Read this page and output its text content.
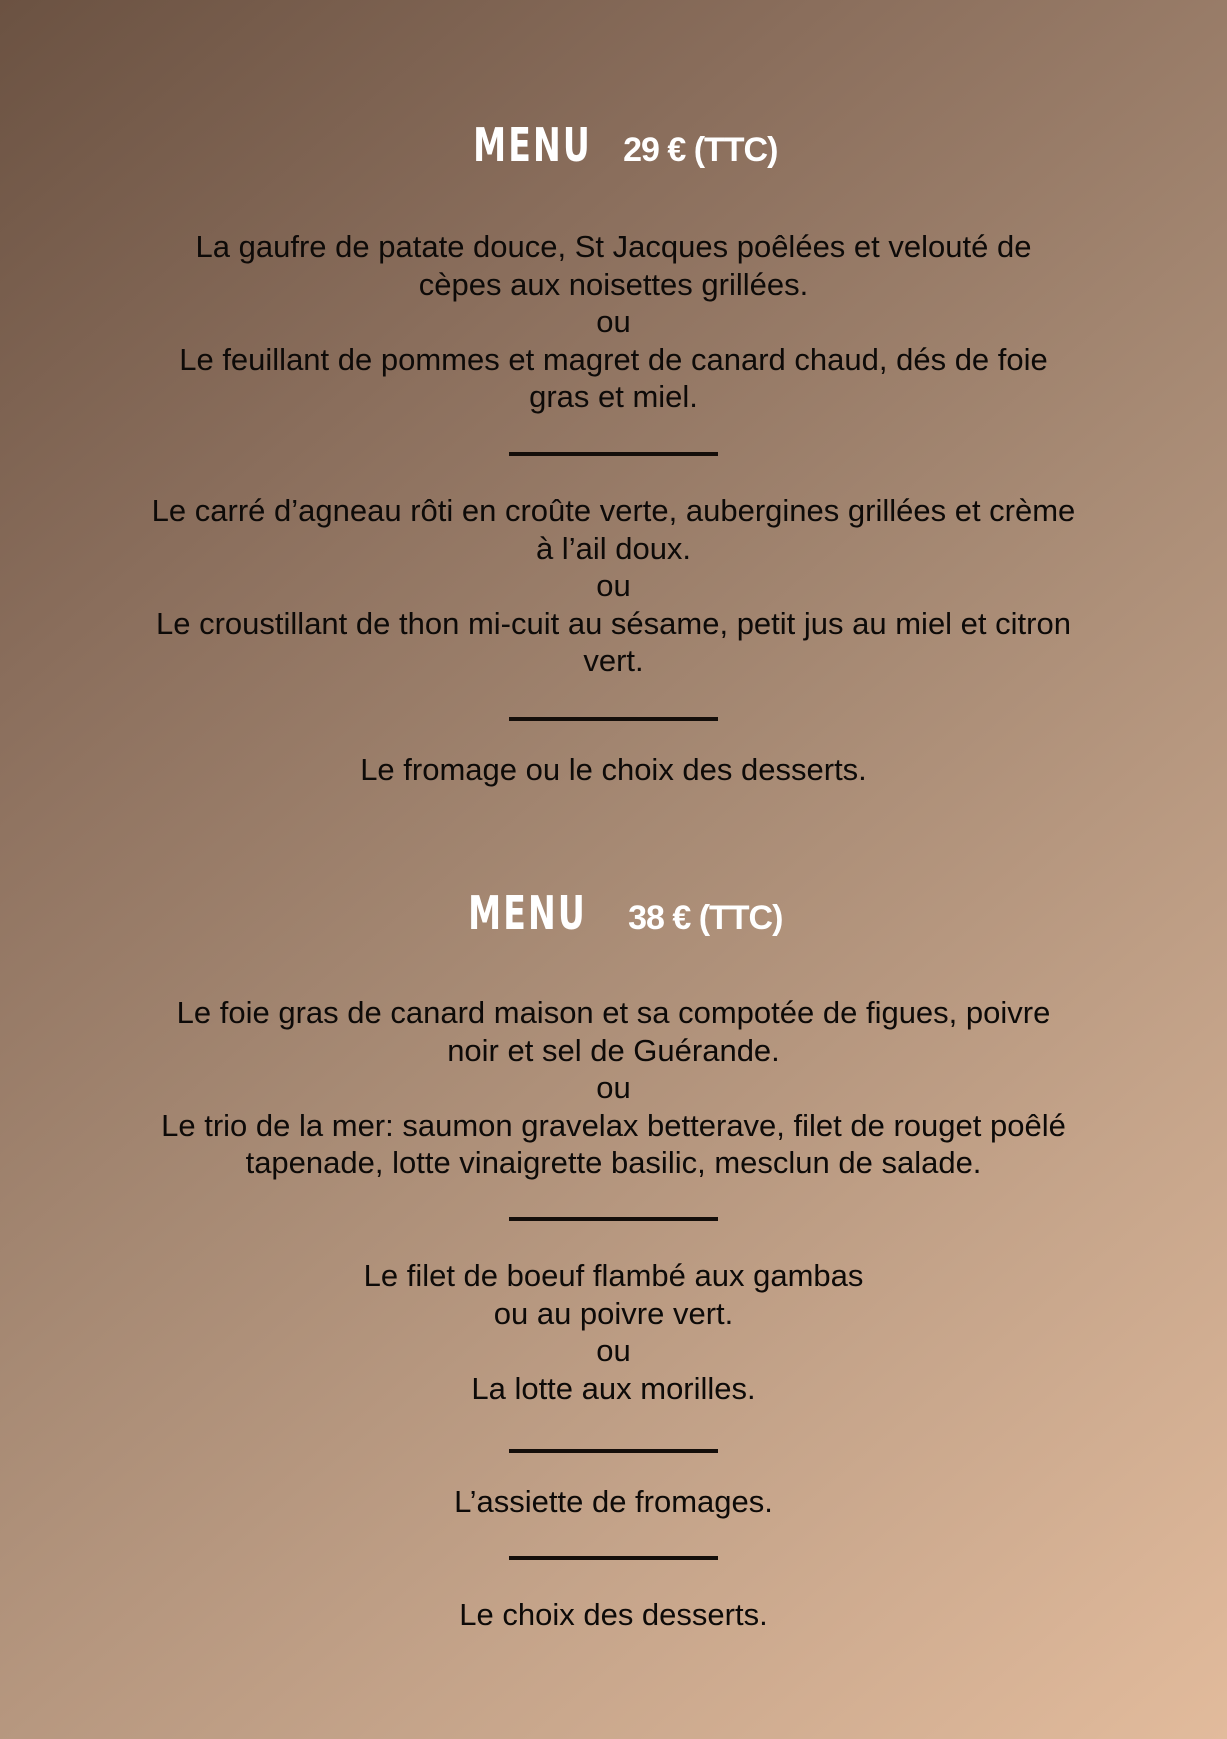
MENU 29 € (TTC)
La gaufre de patate douce, St Jacques poêlées et velouté de
cèpes aux noisettes grillées.
ou
Le feuillant de pommes et magret de canard chaud, dés de foie
gras et miel.
Le carré d’agneau rôti en croûte verte, aubergines grillées et crème
à l’ail doux.
ou
Le croustillant de thon mi-cuit au sésame, petit jus au miel et citron
vert.
Le fromage ou le choix des desserts.
MENU 38 € (TTC)
Le foie gras de canard maison et sa compotée de figues, poivre
noir et sel de Guérande.
ou
Le trio de la mer: saumon gravelax betterave, filet de rouget poêlé
tapenade, lotte vinaigrette basilic, mesclun de salade.
Le filet de boeuf flambé aux gambas
ou au poivre vert.
ou
La lotte aux morilles.
L’assiette de fromages.
Le choix des desserts.
